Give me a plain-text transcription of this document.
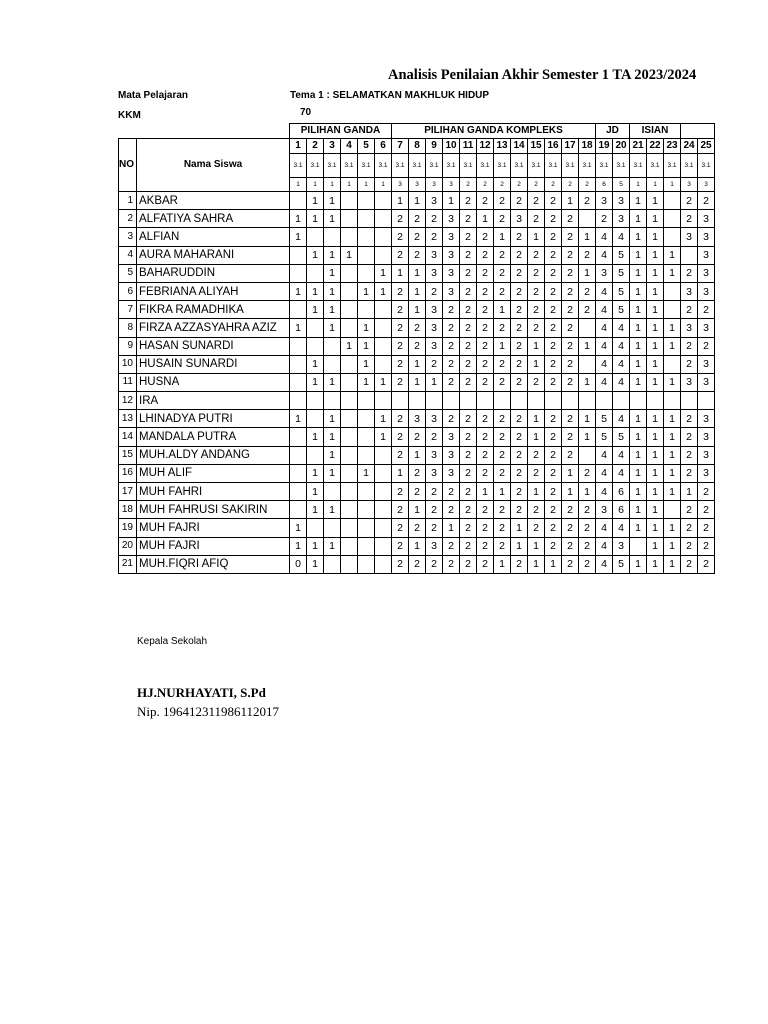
Analisis Penilaian Akhir Semester 1 TA 2023/2024
Mata Pelajaran	Tema 1 : SELAMATKAN MAKHLUK HIDUP
KKM	70
		PILIHAN GANDA						PILIHAN GANDA KOMPLEKS												JD		ISIAN				
NO	Nama Siswa	1	2	3	4	5	6	7	8	9	10	11	12	13	14	15	16	17	18	19	20	21	22	23	24	25
		3.1	3.1	3.1	3.1	3.1	3.1	3.1	3.1	3.1	3.1	3.1	3.1	3.1	3.1	3.1	3.1	3.1	3.1	3.1	3.1	3.1	3.1	3.1	3.1	3.1
		1	1	1	1	1	1	3	3	3	3	2	2	2	2	2	2	2	2	6	5	1	1	1	3	3
1	AKBAR		1	1				1	1	3	1	2	2	2	2	2	2	1	2	3	3	1	1		2	2
2	ALFATIYA SAHRA	1	1	1				2	2	2	3	2	1	2	3	2	2	2		2	3	1	1		2	3
3	ALFIAN	1						2	2	2	3	2	2	1	2	1	2	2	1	4	4	1	1		3	3
4	AURA MAHARANI		1	1	1			2	2	3	3	2	2	2	2	2	2	2	2	4	5	1	1	1		3
5	BAHARUDDIN			1			1	1	1	3	3	2	2	2	2	2	2	2	1	3	5	1	1	1	2	3
6	FEBRIANA ALIYAH	1	1	1		1	1	2	1	2	3	2	2	2	2	2	2	2	2	4	5	1	1		3	3
7	FIKRA RAMADHIKA		1	1				2	1	3	2	2	2	1	2	2	2	2	2	4	5	1	1		2	2
8	FIRZA AZZASYAHRA AZIZ	1		1		1		2	2	3	2	2	2	2	2	2	2	2		4	4	1	1	1	3	3
9	HASAN SUNARDI				1	1		2	2	3	2	2	2	1	2	1	2	2	1	4	4	1	1	1	2	2
10	HUSAIN SUNARDI		1			1		2	1	2	2	2	2	2	2	1	2	2		4	4	1	1		2	3
11	HUSNA		1	1		1	1	2	1	1	2	2	2	2	2	2	2	2	1	4	4	1	1	1	3	3
12	IRA																									
13	LHINADYA PUTRI	1		1			1	2	3	3	2	2	2	2	2	1	2	2	1	5	4	1	1	1	2	3
14	MANDALA PUTRA		1	1			1	2	2	2	3	2	2	2	2	1	2	2	1	5	5	1	1	1	2	3
15	MUH.ALDY ANDANG			1				2	1	3	3	2	2	2	2	2	2	2		4	4	1	1	1	2	3
16	MUH ALIF		1	1		1		1	2	3	3	2	2	2	2	2	2	1	2	4	4	1	1	1	2	3
17	MUH FAHRI		1					2	2	2	2	2	1	1	2	1	2	1	1	4	6	1	1	1	1	2
18	MUH FAHRUSI SAKIRIN		1	1				2	1	2	2	2	2	2	2	2	2	2	2	3	6	1	1		2	2
19	MUH FAJRI	1						2	2	2	1	2	2	2	1	2	2	2	2	4	4	1	1	1	2	2
20	MUH FAJRI	1	1	1				2	1	3	2	2	2	2	1	1	2	2	2	4	3		1	1	2	2
21	MUH.FIQRI AFIQ	0	1					2	2	2	2	2	2	1	2	1	1	2	2	4	5	1	1	1	2	2
Kepala Sekolah
HJ.NURHAYATI, S.Pd
Nip. 196412311986112017
